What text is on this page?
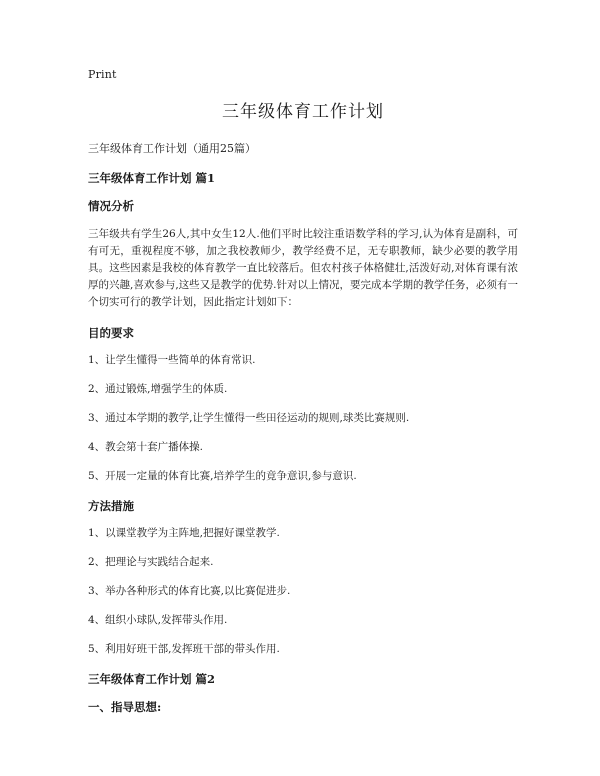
Print
三年级体育工作计划

三年级体育工作计划（通用25篇）

三年级体育工作计划 篇1

情况分析

三年级共有学生26人,其中女生12人.他们平时比较注重语数学科的学习,认为体育是副科，可有可无，重视程度不够，加之我校教师少，教学经费不足，无专职教师，缺少必要的教学用具。这些因素是我校的体育教学一直比较落后。但农村孩子体格健壮,活泼好动,对体育课有浓厚的兴趣,喜欢参与,这些又是教学的优势.针对以上情况，要完成本学期的教学任务，必须有一个切实可行的教学计划，因此指定计划如下：

目的要求

1、让学生懂得一些简单的体育常识.
2、通过锻炼,增强学生的体质.
3、通过本学期的教学,让学生懂得一些田径运动的规则,球类比赛规则.
4、教会第十套广播体操.
5、开展一定量的体育比赛,培养学生的竟争意识,参与意识.

方法措施

1、以课堂教学为主阵地,把握好课堂教学.
2、把理论与实践结合起来.
3、举办各种形式的体育比赛,以比赛促进步.
4、组织小球队,发挥带头作用.
5、利用好班干部,发挥班干部的带头作用.

三年级体育工作计划 篇2

一、指导思想:
